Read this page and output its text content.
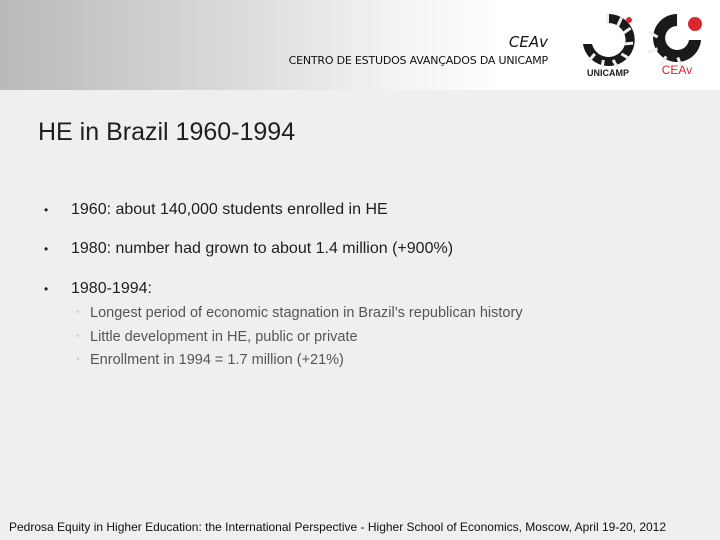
CEAv
CENTRO DE ESTUDOS AVANÇADOS DA UNICAMP
UNICAMP	CEAv
HE in Brazil 1960-1994
• 1960: about 140,000 students enrolled in HE
• 1980: number had grown to about 1.4 million (+900%)
• 1980-1994:
• Longest period of economic stagnation in Brazil’s republican history
• Little development in HE, public or private
• Enrollment in 1994 = 1.7 million (+21%)
Pedrosa Equity in Higher Education: the International Perspective - Higher School of Economics, Moscow, April 19-20, 2012
